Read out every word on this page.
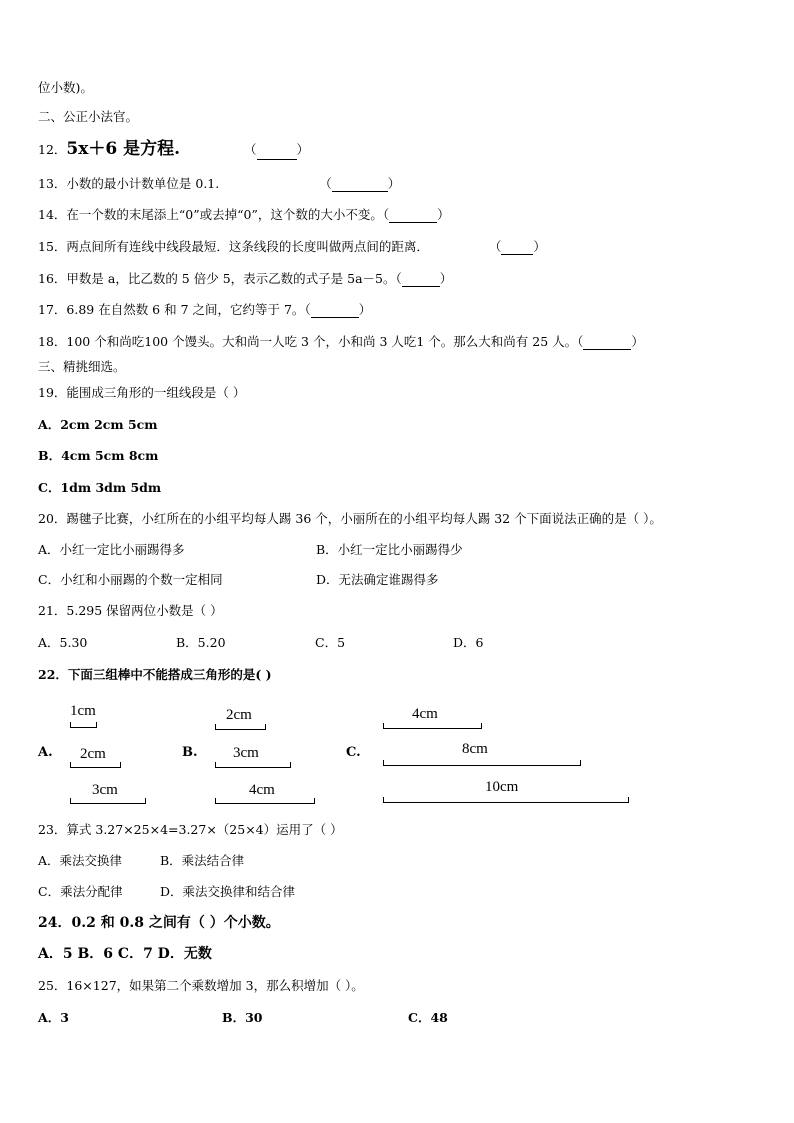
位小数)。
二、公正小法官。
12．5x＋6 是方程.	（	）
13．小数的最小计数单位是 0.1.	（	）
14．在一个数的末尾添上“0”或去掉“0”，这个数的大小不变。（	）
15．两点间所有连线中线段最短．这条线段的长度叫做两点间的距离．	（	）
16．甲数是 a，比乙数的 5 倍少 5，表示乙数的式子是 5a－5。（	）
17．6.89 在自然数 6 和 7 之间，它约等于 7。（	）
18．100 个和尚吃100 个馒头。大和尚一人吃 3 个，小和尚 3 人吃1 个。那么大和尚有 25 人。（	）
三、精挑细选。
19．能围成三角形的一组线段是（ ）
A．2cm 2cm 5cm
B．4cm 5cm 8cm
C．1dm 3dm 5dm
20．踢毽子比赛，小红所在的小组平均每人踢 36 个，小丽所在的小组平均每人踢 32 个下面说法正确的是（ ）。
A．小红一定比小丽踢得多	B．小红一定比小丽踢得少
C．小红和小丽踢的个数一定相同	D．无法确定谁踢得多
21．5.295 保留两位小数是（ ）
A．5.30	B．5.20	C．5	D．6
22．下面三组棒中不能搭成三角形的是( )
A.
1cm
2cm
3cm
B.
2cm
3cm
4cm
C.
4cm
8cm
10cm
23．算式 3.27×25×4=3.27×（25×4）运用了（ ）
A．乘法交换律	B．乘法结合律
C．乘法分配律	D．乘法交换律和结合律
24．0.2 和 0.8 之间有（ ）个小数。
A．5 B．6 C．7 D．无数
25．16×127，如果第二个乘数增加 3，那么积增加（ ）。
A．3	B．30	C．48
